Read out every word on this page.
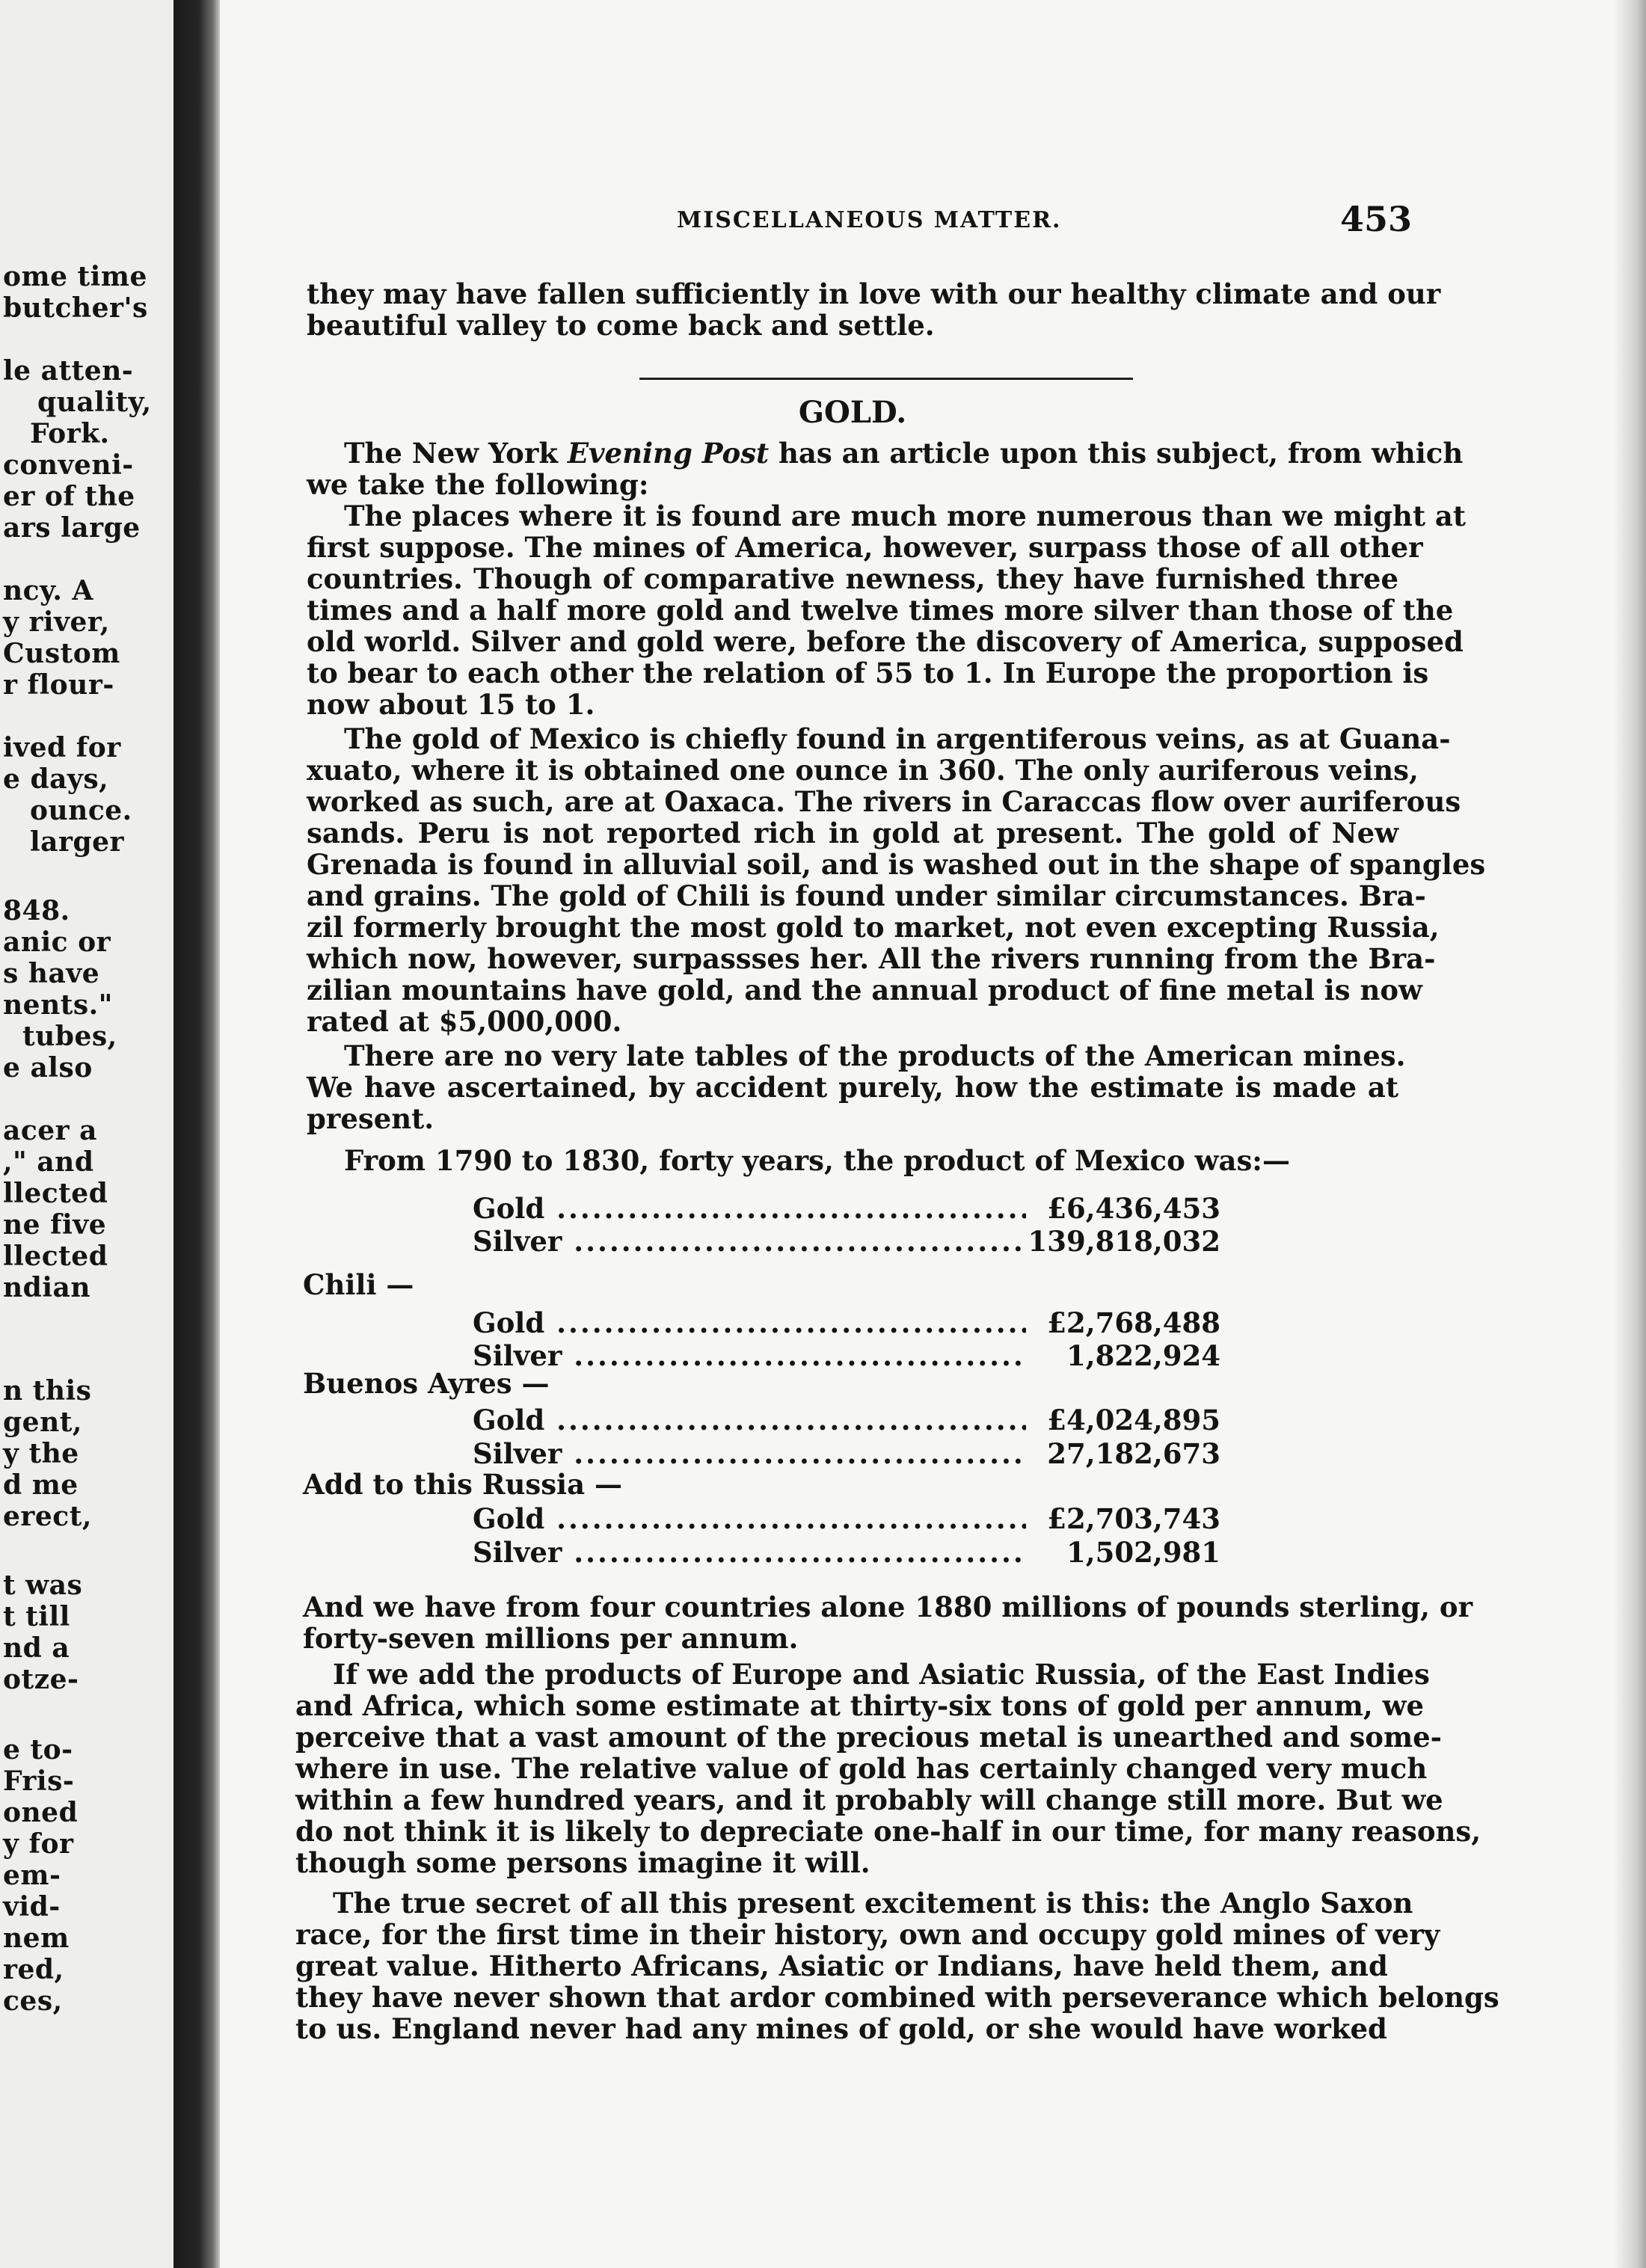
ome time
butcher's
le atten-
quality,
Fork.
conveni-
er of the
ars large
ncy. A
y river,
Custom
r flour-
ived for
e days,
ounce.
larger
848.
anic or
s have
nents."
tubes,
e also
acer a
," and
llected
ne five
llected
ndian
n this
gent,
y the
d me
erect,
t was
t till
nd a
otze-
e to-
Fris-
oned
y for
em-
vid-
nem
red,
ces,
MISCELLANEOUS MATTER.	453
they may have fallen sufficiently in love with our healthy climate and our
beautiful valley to come back and settle.
GOLD.
The New York Evening Post has an article upon this subject, from which
we take the following:
The places where it is found are much more numerous than we might at
first suppose. The mines of America, however, surpass those of all other
countries. Though of comparative newness, they have furnished three
times and a half more gold and twelve times more silver than those of the
old world. Silver and gold were, before the discovery of America, supposed
to bear to each other the relation of 55 to 1. In Europe the proportion is
now about 15 to 1.
The gold of Mexico is chiefly found in argentiferous veins, as at Guana-
xuato, where it is obtained one ounce in 360. The only auriferous veins,
worked as such, are at Oaxaca. The rivers in Caraccas flow over auriferous
sands. Peru is not reported rich in gold at present. The gold of New
Grenada is found in alluvial soil, and is washed out in the shape of spangles
and grains. The gold of Chili is found under similar circumstances. Bra-
zil formerly brought the most gold to market, not even excepting Russia,
which now, however, surpassses her. All the rivers running from the Bra-
zilian mountains have gold, and the annual product of fine metal is now
rated at $5,000,000.
There are no very late tables of the products of the American mines.
We have ascertained, by accident purely, how the estimate is made at
present.
From 1790 to 1830, forty years, the product of Mexico was:—
Gold .....	£6,436,453
Silver .....	139,818,032
Chili —
Gold .....	£2,768,488
Silver .....	1,822,924
Buenos Ayres —
Gold .....	£4,024,895
Silver .....	27,182,673
Add to this Russia —
Gold .....	£2,703,743
Silver .....	1,502,981
And we have from four countries alone 1880 millions of pounds sterling, or
forty-seven millions per annum.
If we add the products of Europe and Asiatic Russia, of the East Indies
and Africa, which some estimate at thirty-six tons of gold per annum, we
perceive that a vast amount of the precious metal is unearthed and some-
where in use. The relative value of gold has certainly changed very much
within a few hundred years, and it probably will change still more. But we
do not think it is likely to depreciate one-half in our time, for many reasons,
though some persons imagine it will.
The true secret of all this present excitement is this: the Anglo Saxon
race, for the first time in their history, own and occupy gold mines of very
great value. Hitherto Africans, Asiatic or Indians, have held them, and
they have never shown that ardor combined with perseverance which belongs
to us. England never had any mines of gold, or she would have worked
